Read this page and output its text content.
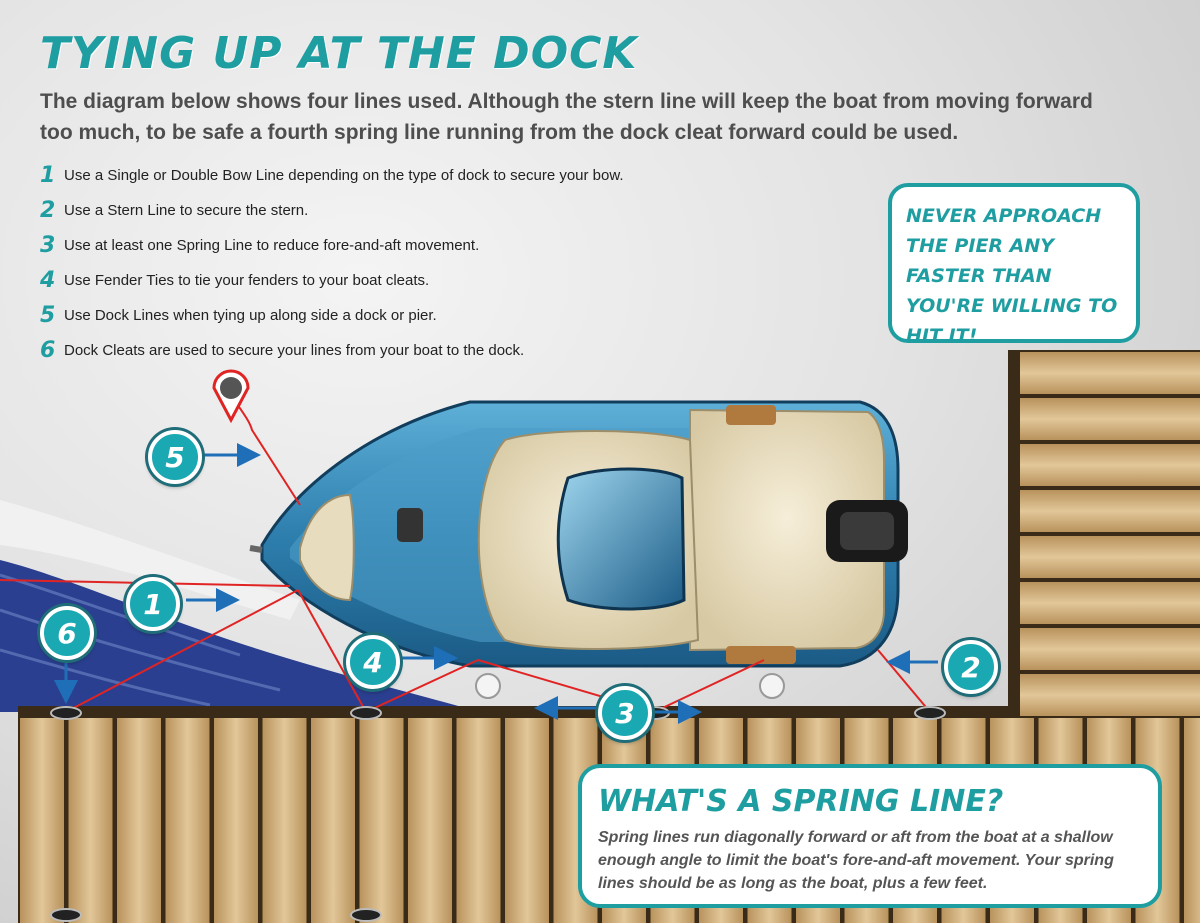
TYING UP AT THE DOCK

The diagram below shows four lines used. Although the stern line will keep the boat from moving forward too much, to be safe a fourth spring line running from the dock cleat forward could be used.

1 Use a Single or Double Bow Line depending on the type of dock to secure your bow.
2 Use a Stern Line to secure the stern.
3 Use at least one Spring Line to reduce fore-and-aft movement.
4 Use Fender Ties to tie your fenders to your boat cleats.
5 Use Dock Lines when tying up along side a dock or pier.
6 Dock Cleats are used to secure your lines from your boat to the dock.

NEVER APPROACH THE PIER ANY FASTER THAN YOU'RE WILLING TO HIT IT!

WHAT'S A SPRING LINE?

Spring lines run diagonally forward or aft from the boat at a shallow enough angle to limit the boat's fore-and-aft movement. Your spring lines should be as long as the boat, plus a few feet.

1
2
3
4
5
6
